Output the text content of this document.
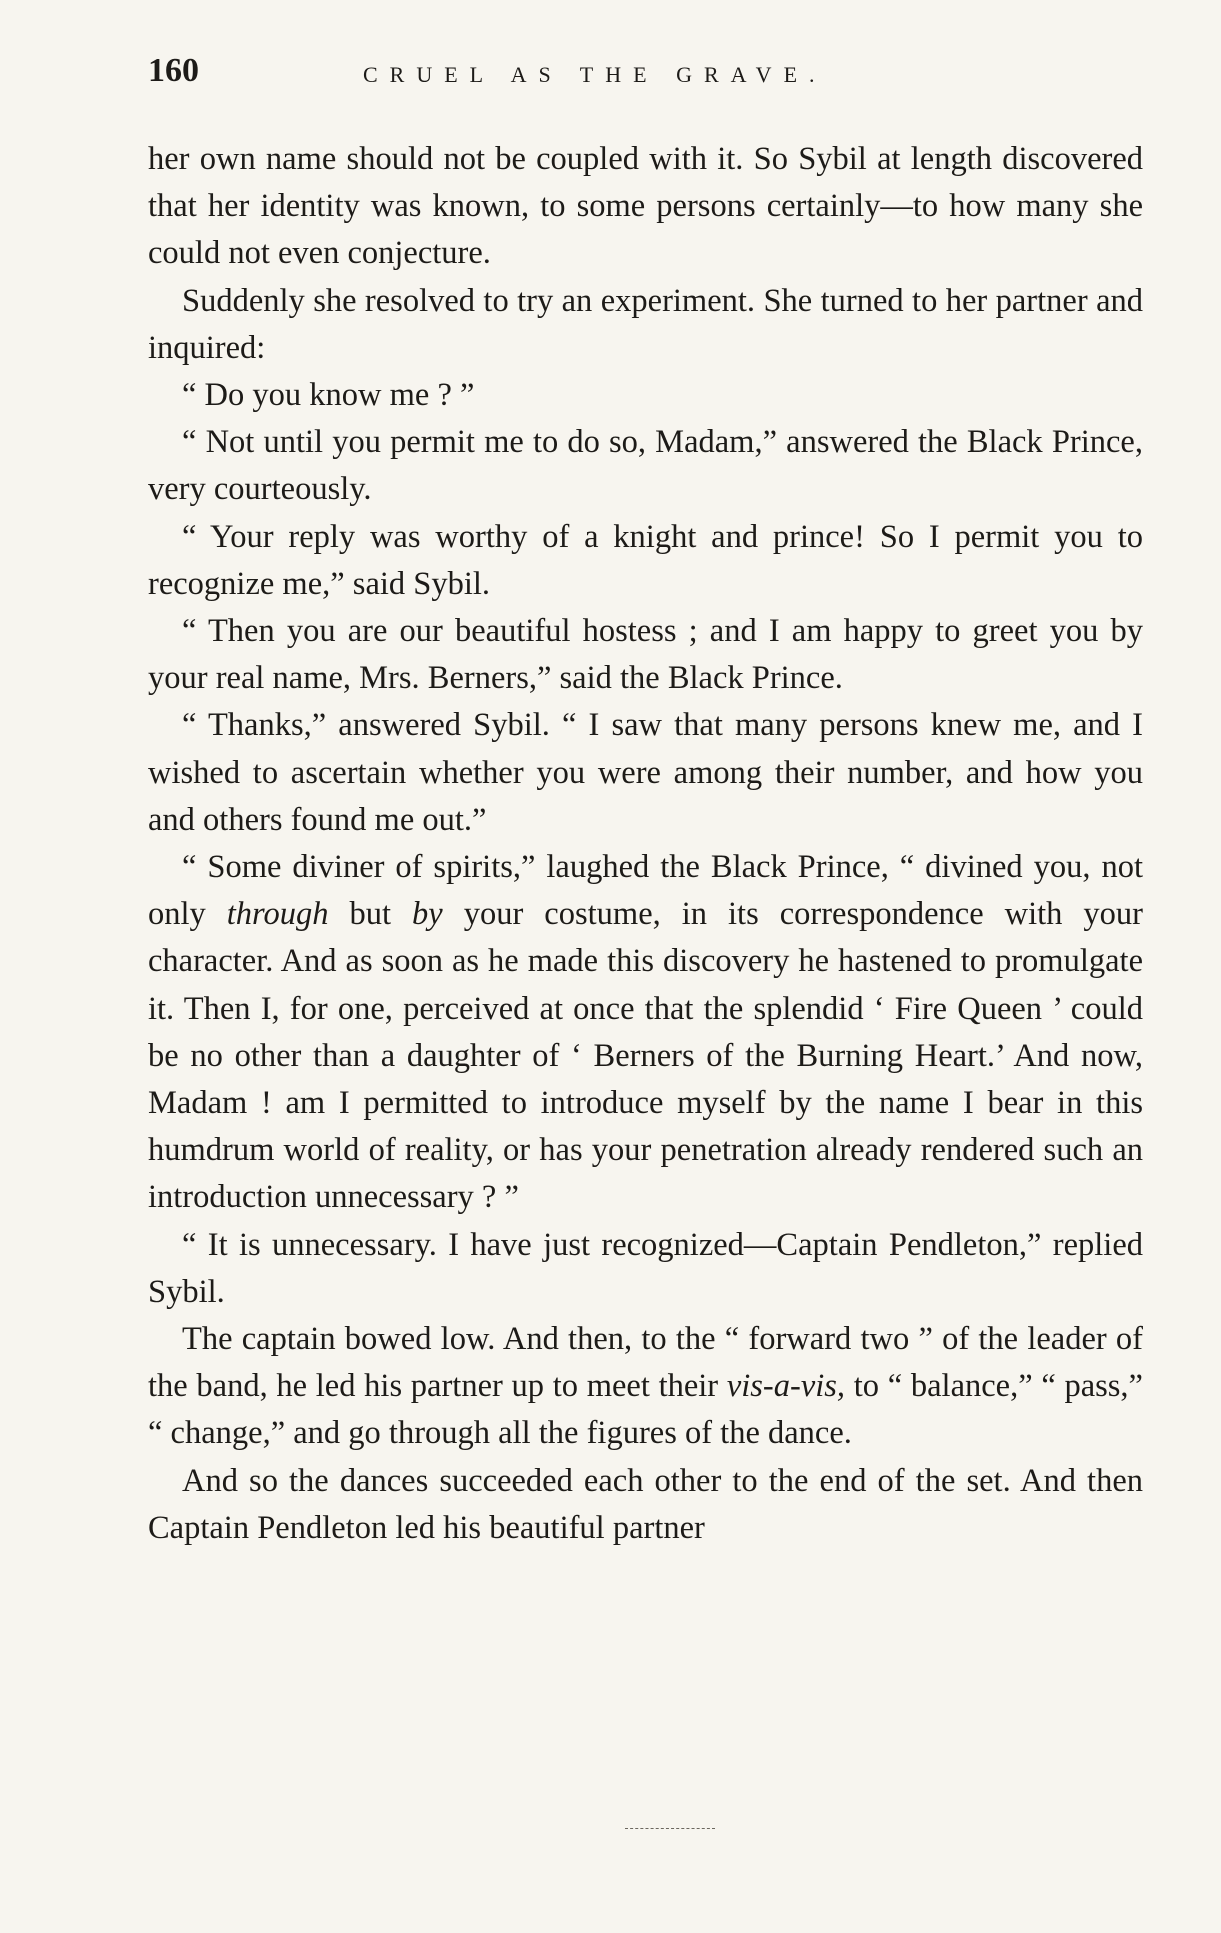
160	CRUEL AS THE GRAVE.

her own name should not be coupled with it. So Sybil at length discovered that her identity was known, to some persons certainly—to how many she could not even conjecture.

Suddenly she resolved to try an experiment. She turned to her partner and inquired:

“ Do you know me ? ”

“ Not until you permit me to do so, Madam,” answered the Black Prince, very courteously.

“ Your reply was worthy of a knight and prince! So I permit you to recognize me,” said Sybil.

“ Then you are our beautiful hostess ; and I am happy to greet you by your real name, Mrs. Berners,” said the Black Prince.

“ Thanks,” answered Sybil. “ I saw that many persons knew me, and I wished to ascertain whether you were among their number, and how you and others found me out.”

“ Some diviner of spirits,” laughed the Black Prince, “ divined you, not only through but by your costume, in its correspondence with your character. And as soon as he made this discovery he hastened to promulgate it. Then I, for one, perceived at once that the splendid ‘ Fire Queen ’ could be no other than a daughter of ‘ Berners of the Burning Heart.’ And now, Madam ! am I permitted to introduce myself by the name I bear in this humdrum world of reality, or has your penetration already rendered such an introduction unnecessary ? ”

“ It is unnecessary. I have just recognized—Captain Pendleton,” replied Sybil.

The captain bowed low. And then, to the “ forward two ” of the leader of the band, he led his partner up to meet their vis-a-vis, to “ balance,” “ pass,” “ change,” and go through all the figures of the dance.

And so the dances succeeded each other to the end of the set. And then Captain Pendleton led his beautiful partner
